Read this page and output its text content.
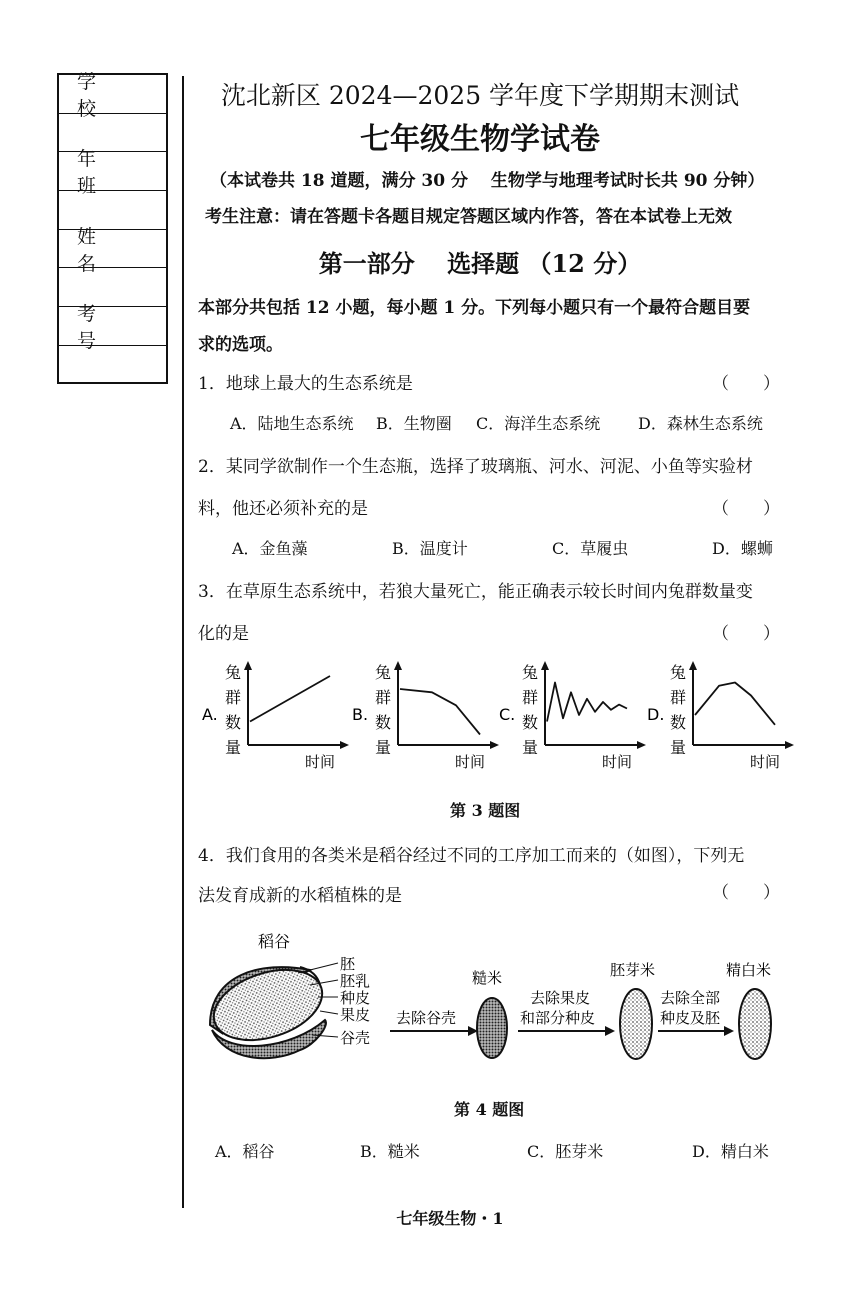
学 校
年 班
姓 名
考 号
沈北新区 2024—2025 学年度下学期期末测试
七年级生物学试卷
（本试卷共 18 道题，满分 30 分　 生物学与地理考试时长共 90 分钟）
考生注意：请在答题卡各题目规定答题区域内作答，答在本试卷上无效
第一部分　 选择题 （12 分）
本部分共包括 12 小题，每小题 1 分。下列每小题只有一个最符合题目要
求的选项。
1．地球上最大的生态系统是	（　　）
A．陆地生态系统 B．生物圈 C．海洋生态系统 D．森林生态系统
2．某同学欲制作一个生态瓶，选择了玻璃瓶、河水、河泥、小鱼等实验材
料，他还必须补充的是	（　　）
A．金鱼藻	B．温度计	C．草履虫	D．螺蛳
3．在草原生态系统中，若狼大量死亡，能正确表示较长时间内兔群数量变
化的是	（　　）
A.
兔
群
数
量
时间
B.
兔
群
数
量
时间
C.
兔
群
数
量
时间
D.
兔
群
数
量
时间
第 3 题图
4．我们食用的各类米是稻谷经过不同的工序加工而来的（如图），下列无
法发育成新的水稻植株的是	（　　）
稻谷
胚
胚乳
种皮
果皮
谷壳
去除谷壳
糙米
去除果皮
和部分种皮
胚芽米
去除全部
种皮及胚
精白米
第 4 题图
A．稻谷	B．糙米	C．胚芽米	D．精白米
七年级生物・1
